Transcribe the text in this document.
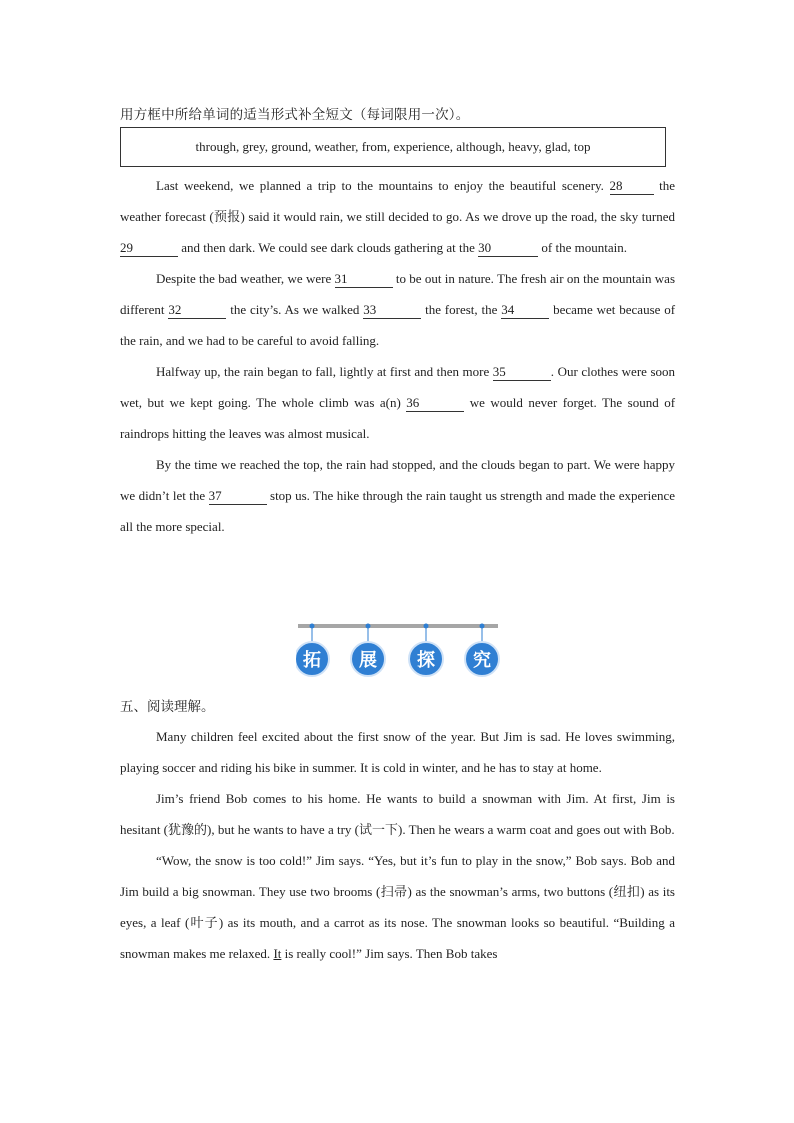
用方框中所给单词的适当形式补全短文（每词限用一次）。
through,
grey,
ground,
weather,
from,
experience,
although,
heavy,
glad,
top

Last weekend, we planned a trip to the mountains to enjoy the beautiful scenery. 28	the weather forecast (预报) said it would rain, we still decided to go. As we drove up the road, the sky turned 29	and then dark. We could see dark clouds gathering at the 30	of the mountain.

Despite the bad weather, we were 31	to be out in nature. The fresh air on the mountain was different 32	the city’s. As we walked 33	the forest, the 34	became wet because of the rain, and we had to be careful to avoid falling.

Halfway up, the rain began to fall, lightly at first and then more 35	. Our clothes were soon wet, but we kept going. The whole climb was a(n) 36	we would never forget. The sound of raindrops hitting the leaves was almost musical.

By the time we reached the top, the rain had stopped, and the clouds began to part. We were happy we didn’t let the 37	stop us. The hike through the rain taught us strength and made the experience all the more special.

拓 展 探 究
五、阅读理解。

Many children feel excited about the first snow of the year. But Jim is sad. He loves swimming, playing soccer and riding his bike in summer. It is cold in winter, and he has to stay at home.

Jim’s friend Bob comes to his home. He wants to build a snowman with Jim. At first, Jim is hesitant (犹豫的), but he wants to have a try (试一下). Then he wears a warm coat and goes out with Bob.

“Wow, the snow is too cold!” Jim says. “Yes, but it’s fun to play in the snow,” Bob says. Bob and Jim build a big snowman. They use two brooms (扫帚) as the snowman’s arms, two buttons (纽扣) as its eyes, a leaf (叶子) as its mouth, and a carrot as its nose. The snowman looks so beautiful. “Building a snowman makes me relaxed. It is really cool!” Jim says. Then Bob takes
